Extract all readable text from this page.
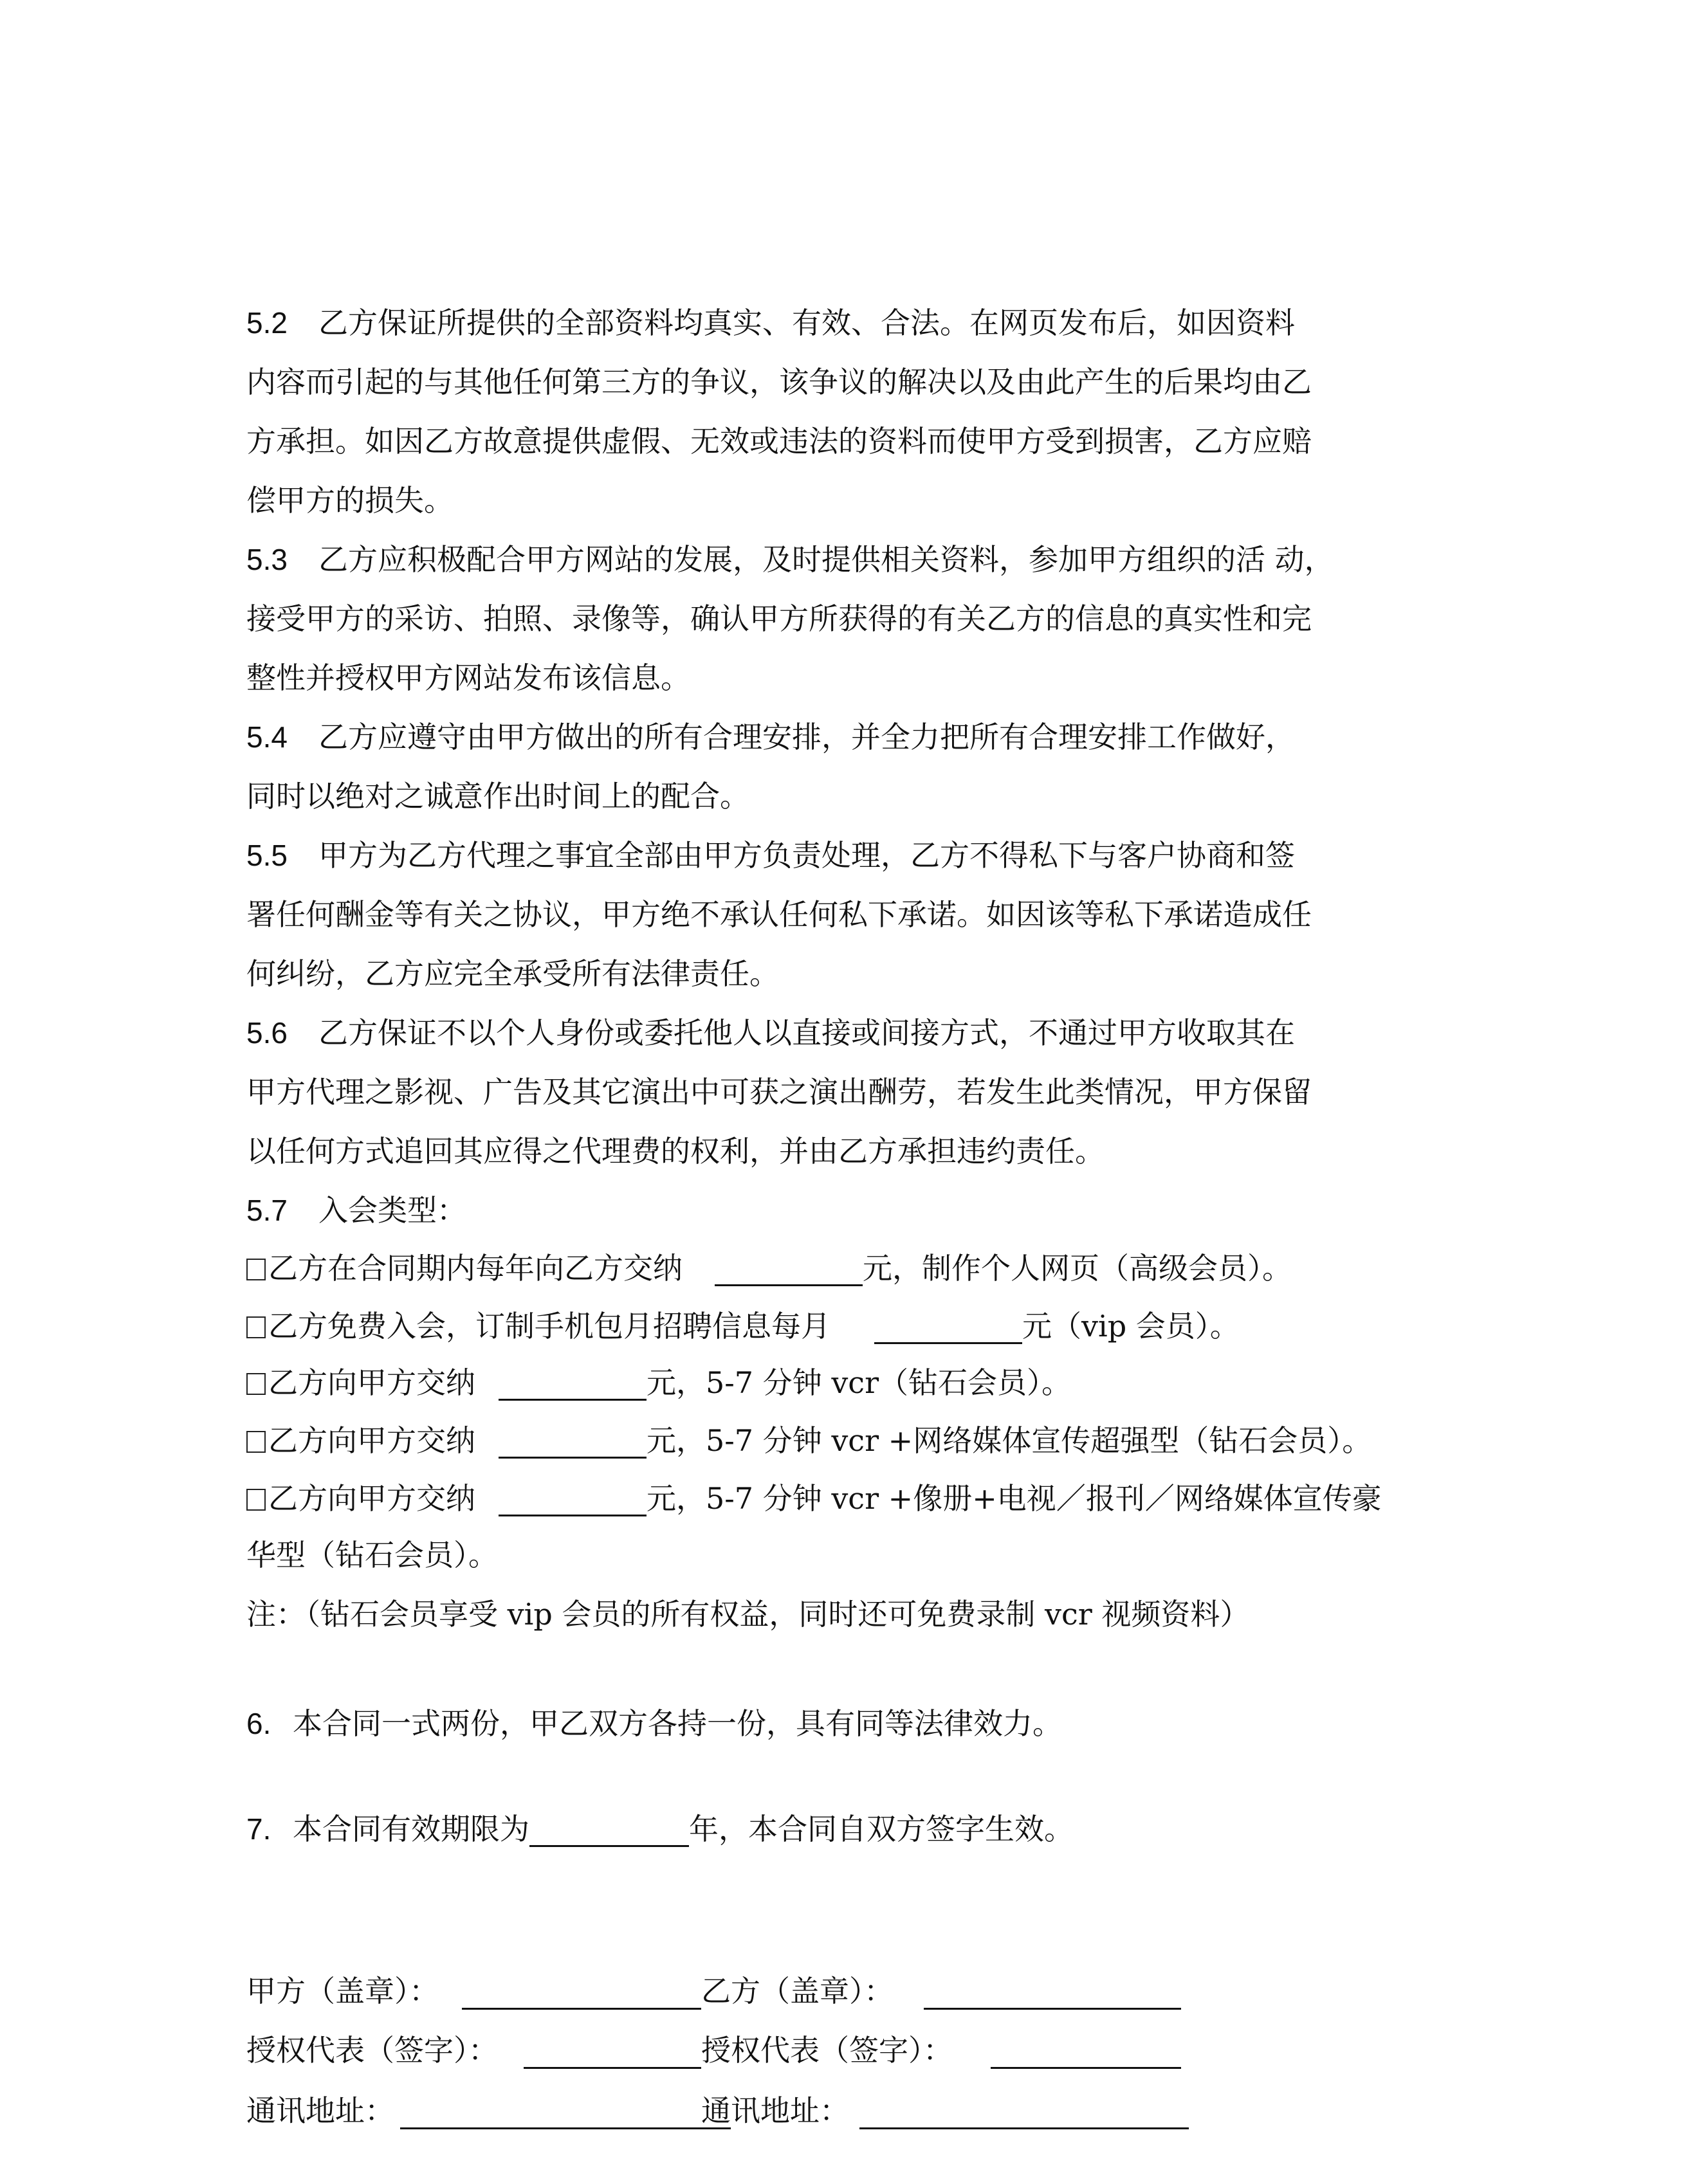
5.2 乙方保证所提供的全部资料均真实、有效、合法。在网页发布后，如因资料
内容而引起的与其他任何第三方的争议，该争议的解决以及由此产生的后果均由乙
方承担。如因乙方故意提供虚假、无效或违法的资料而使甲方受到损害，乙方应赔
偿甲方的损失。
5.3 乙方应积极配合甲方网站的发展，及时提供相关资料，参加甲方组织的活 动，
接受甲方的采访、拍照、录像等，确认甲方所获得的有关乙方的信息的真实性和完
整性并授权甲方网站发布该信息。
5.4 乙方应遵守由甲方做出的所有合理安排，并全力把所有合理安排工作做好，
同时以绝对之诚意作出时间上的配合。
5.5 甲方为乙方代理之事宜全部由甲方负责处理，乙方不得私下与客户协商和签
署任何酬金等有关之协议，甲方绝不承认任何私下承诺。如因该等私下承诺造成任
何纠纷，乙方应完全承受所有法律责任。
5.6 乙方保证不以个人身份或委托他人以直接或间接方式，不通过甲方收取其在
甲方代理之影视、广告及其它演出中可获之演出酬劳，若发生此类情况，甲方保留
以任何方式追回其应得之代理费的权利，并由乙方承担违约责任。
5.7 入会类型：
乙方在合同期内每年向乙方交纳	元，制作个人网页（高级会员）。
乙方免费入会，订制手机包月招聘信息每月	元（vip 会员）。
乙方向甲方交纳	元，5-7 分钟 vcr（钻石会员）。
乙方向甲方交纳	元，5-7 分钟 vcr +网络媒体宣传超强型（钻石会员）。
乙方向甲方交纳	元，5-7 分钟 vcr +像册+电视／报刊／网络媒体宣传豪
华型（钻石会员）。
注：（钻石会员享受 vip 会员的所有权益，同时还可免费录制 vcr 视频资料）
6. 本合同一式两份，甲乙双方各持一份，具有同等法律效力。
7. 本合同有效期限为	年，本合同自双方签字生效。
甲方（盖章）：	乙方（盖章）：
授权代表（签字）：	授权代表（签字）：
通讯地址：	通讯地址：
